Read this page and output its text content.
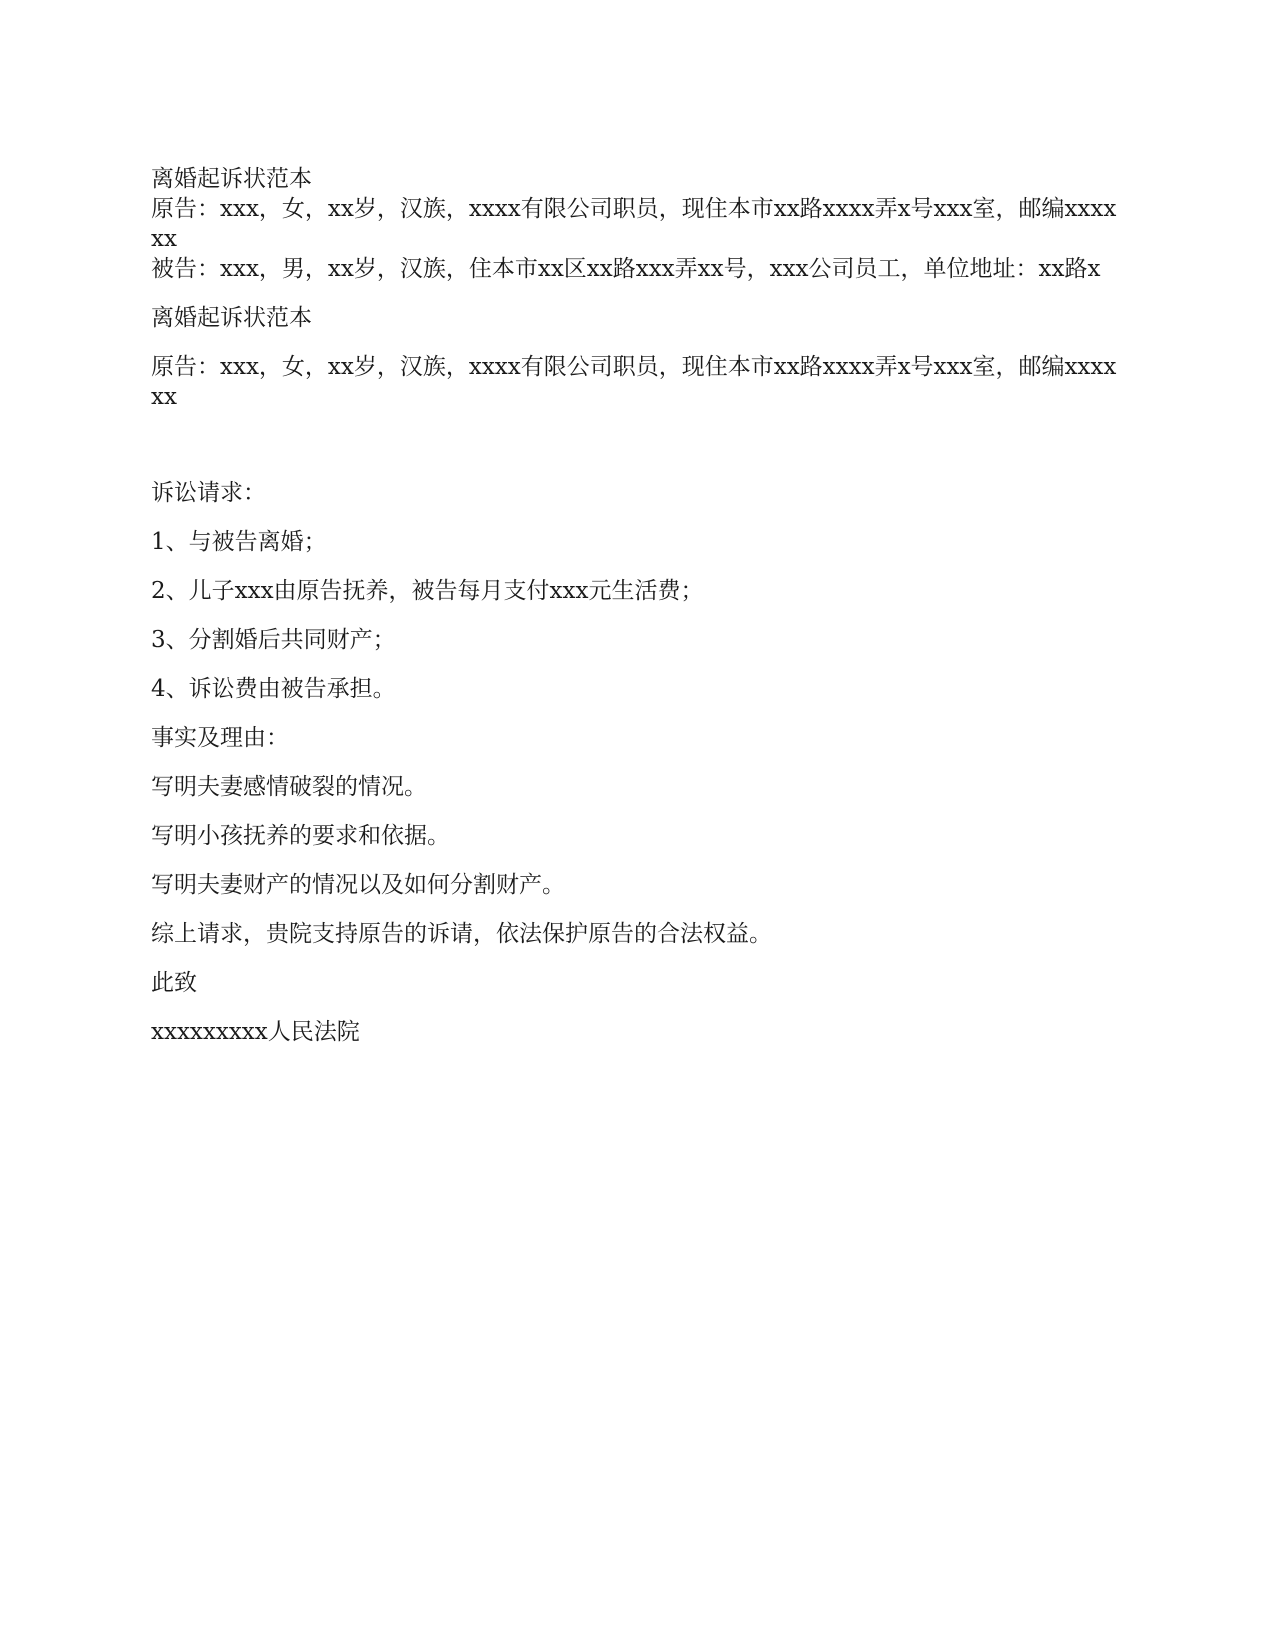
离婚起诉状范本

原告：xxx，女，xx岁，汉族，xxxx有限公司职员，现住本市xx路xxxx弄x号xxx室，邮编xxxxxx

被告：xxx，男，xx岁，汉族，住本市xx区xx路xxx弄xx号，xxx公司员工，单位地址：xx路x

离婚起诉状范本

原告：xxx，女，xx岁，汉族，xxxx有限公司职员，现住本市xx路xxxx弄x号xxx室，邮编xxxxxx

诉讼请求：

1、与被告离婚；

2、儿子xxx由原告抚养，被告每月支付xxx元生活费；

3、分割婚后共同财产；

4、诉讼费由被告承担。

事实及理由：

写明夫妻感情破裂的情况。

写明小孩抚养的要求和依据。

写明夫妻财产的情况以及如何分割财产。

综上请求，贵院支持原告的诉请，依法保护原告的合法权益。

此致

xxxxxxxxx人民法院
